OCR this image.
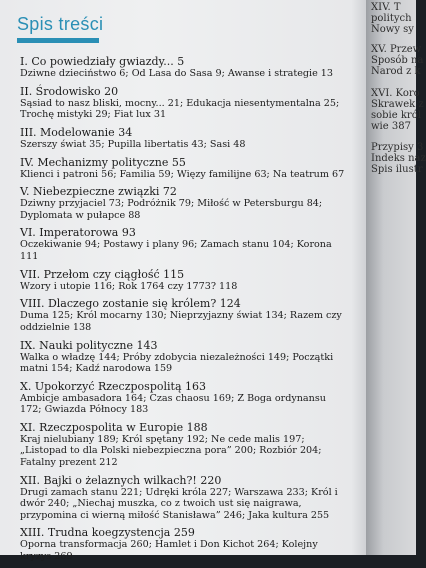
Spis treści
I. Co powiedziały gwiazdy... 5
Dziwne dzieciństwo 6; Od Lasa do Sasa 9; Awanse i strategie 13
II. Środowisko 20
Sąsiad to nasz bliski, mocny... 21; Edukacja niesentymentalna 25; Trochę mistyki 29; Fiat lux 31
III. Modelowanie 34
Szerszy świat 35; Pupilla libertatis 43; Sasi 48
IV. Mechanizmy polityczne 55
Klienci i patroni 56; Familia 59; Więzy familijne 63; Na teatrum 67
V. Niebezpieczne związki 72
Dziwny przyjaciel 73; Podróżnik 79; Miłość w Petersburgu 84; Dyplomata w pułapce 88
VI. Imperatorowa 93
Oczekiwanie 94; Postawy i plany 96; Zamach stanu 104; Korona 111
VII. Przełom czy ciągłość 115
Wzory i utopie 116; Rok 1764 czy 1773? 118
VIII. Dlaczego zostanie się królem? 124
Duma 125; Król mocarny 130; Nieprzyjazny świat 134; Razem czy oddzielnie 138
IX. Nauki polityczne 143
Walka o władzę 144; Próby zdobycia niezależności 149; Początki matni 154; Kadź narodowa 159
X. Upokorzyć Rzeczpospolitą 163
Ambicje ambasadora 164; Czas chaosu 169; Z Boga ordynansu 172; Gwiazda Północy 183
XI. Rzeczpospolita w Europie 188
Kraj nielubiany 189; Król spętany 192; Ne cede malis 197; „Listopad to dla Polski niebezpieczna pora” 200; Rozbiór 204; Fatalny prezent 212
XII. Bajki o żelaznych wilkach?! 220
Drugi zamach stanu 221; Udręki króla 227; Warszawa 233; Król i dwór 240; „Niechaj muszka, co z twoich ust się naigrawa, przypomina ci wierną miłość Stanisława” 246; Jaka kultura 255
XIII. Trudna koegzystencja 259
Oporna transformacja 260; Hamlet i Don Kichot 264; Kolejny kryzys 269
XIV. T
politych
Nowy sy
XV. Przew
Sposób na
Narod z k
XVI. Koro
Skrawek z
sobie król
wie 387
Przypisy 3
Indeks naz
Spis ilustr
